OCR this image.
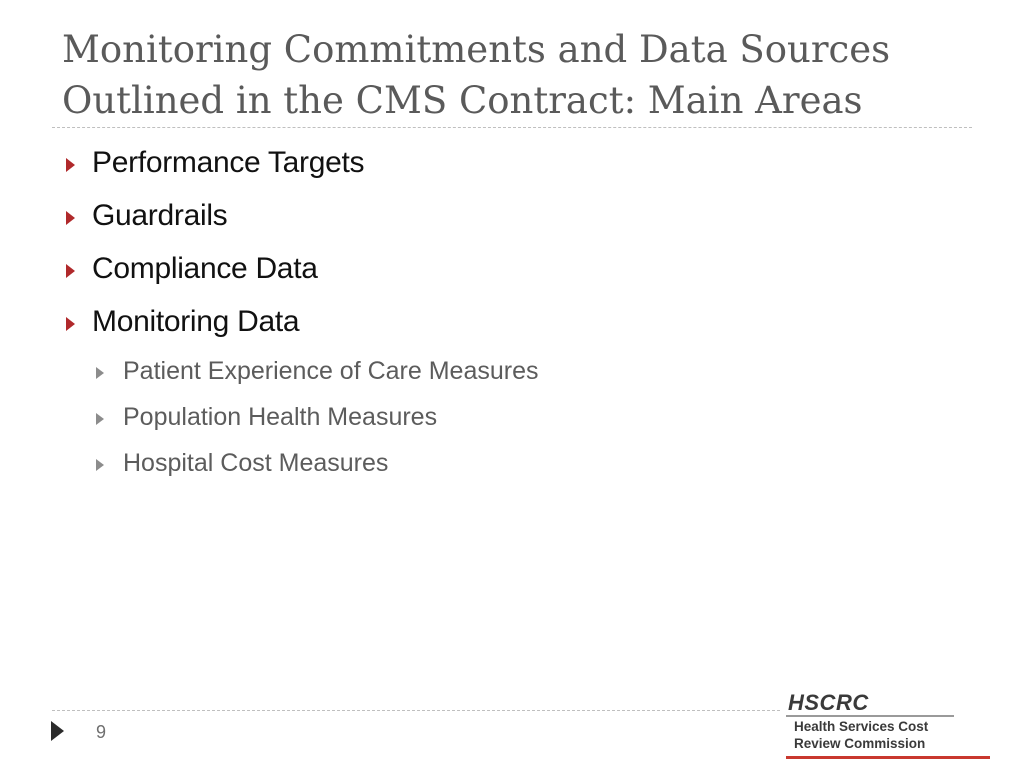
Monitoring Commitments and Data Sources
Outlined in the CMS Contract: Main Areas
Performance Targets
Guardrails
Compliance Data
Monitoring Data
Patient Experience of Care Measures
Population Health Measures
Hospital Cost Measures
9
HSCRC
Health Services Cost
Review Commission
